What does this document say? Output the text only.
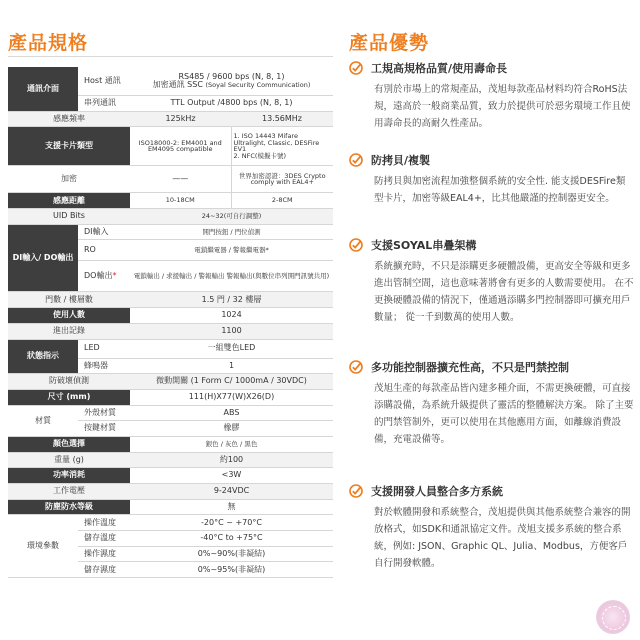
產品規格	產品優勢
通訊介面	Host 通訊	RS485 / 9600 bps (N, 8, 1)
加密通訊 SSC (Soyal Security Communication)	

	串列通訊	TTL Output /4800 bps (N, 8, 1)	
感應頻率		125kHz	13.56MHz
支援卡片類型		ISO18000-2: EM4001 and EM4095 compatible	1. ISO 14443 Mifare Ultralight, Classic, DESFire EV1
2. NFC(模擬卡號)

加密		——	世界加密認證：3DES Crypto comply with EAL4+
感應距離		10-18CM	2-8CM
UID Bits		24~32(可自行調整)	
DI輸入/ DO輸出	DI輸入	開門按鈕 / 門位偵測	
	RO	電鎖繼電器 / 警報繼電器*	
	DO輸出*	電鎖輸出 / 求援輸出 / 警報輸出 警報輸出(與數位串列開門訊號共用)	
門數 / 樓層數		1.5 門 / 32 樓層	
使用人數		1024	
進出記錄		1100	
狀態指示	LED	一組雙色LED	
	蜂鳴器	1	
防破壞偵測		微動開關 (1 Form C/ 1000mA / 30VDC)	
尺寸 (mm)		111(H)X77(W)X26(D)	
材質	外殼材質	ABS	
	按鍵材質	橡膠	
顏色選擇		銀色 / 灰色 / 黑色	
重量 (g)		約100	
功率消耗		<3W	
工作電壓		9-24VDC	
防塵防水等級		無	
環境參數	操作溫度	-20°C ~ +70°C	
	儲存溫度	-40°C to +75°C	
	操作濕度	0%~90%(非凝結)	
	儲存濕度	0%~95%(非凝結)	
工規高規格品質/使用壽命長
有別於市場上的常規產品，茂旭每款產品材料均符合RoHS法規，遠高於一般商業品質，致力於提供可於惡劣環境工作且使用壽命長的高耐久性產品。
防拷貝/複製
防拷貝與加密流程加強整個系統的安全性. 能支援DESFire類型卡片，加密等級EAL4+，比其他嚴謹的控制器更安全。
支援SOYAL串疊架構
系統擴充時，不只是添購更多硬體設備，更高安全等級和更多進出管制空間，這也意味著將會有更多的人數需要使用。 在不更換硬體設備的情況下，僅通過添購多門控制器即可擴充用戶數量； 從一千到數萬的使用人數。
多功能控制器擴充性高，不只是門禁控制
茂旭生產的每款產品皆內建多種介面，不需更換硬體，可直接添購設備，為系統升級提供了靈活的整體解決方案。 除了主要的門禁管制外，更可以使用在其他應用方面，如離線消費設備，充電設備等。
支援開發人員整合多方系統
對於軟體開發和系統整合，茂旭提供與其他系統整合兼容的開放格式，如SDK和通訊協定文件。茂旭支援多系統的整合系統，例如: JSON、Graphic QL、Julia、Modbus，方便客戶自行開發軟體。
